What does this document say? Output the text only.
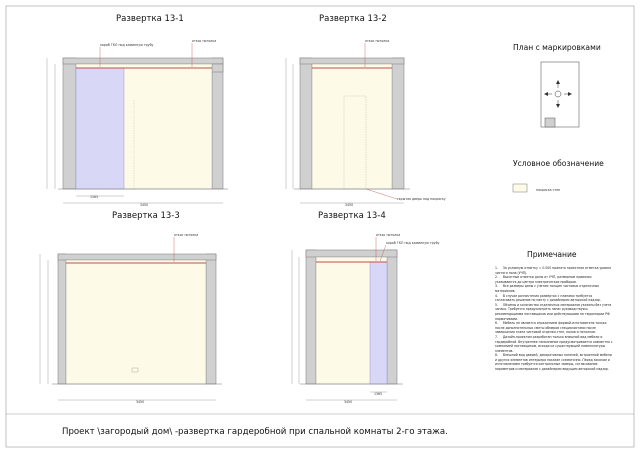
Развертка 13-1	Развертка 13-2
Развертка 13-3	Развертка 13-4
короб ГКЛ под каминную трубу
откос потолка	откос потолка
скрытая дверь под покраску
откос потолка	откос потолка
короб ГКЛ под каминную трубу
1365
3450	3450
3450
1365
3450
План с маркировками
Условное обозначение
покраска стен
Примечание
1.     За условную отметку = 0.000 принята проектная отметка уровня чистого пола (УЧП).
2.     Высотные отметки даны от УЧП, размерные привязки указываются до центра электрических приборов.
3.     Все размеры даны с учетом толщин чистовых отделочных материалов.
4.     В случае разночтения развёрток с планами требуется согласовать решение по месту с дизайнером авторской надзор.
5.     Объемы и количество отделочных материалов указаны без учета запаса. Требуется предусмотреть запас руководствуясь рекомендациями поставщиков или действующими на территории РФ нормативами.
6.     Мебель не является отражением формой-изготовителя только после дополнительных сметы обмеров специалистами после завершения этапа чистовой отделки стен, полов и потолков.
7.     Дизайн-проектом разработан только внешний вид мебели и гардеробной. Внутреннее наполнение предусматривается совместно с компанией поставщиком, исходя из существующей номенклатуры элементов.
8.     Внешний вид дверей, декоративных панелей, встроенной мебели и других элементов интерьера показан схематично. Перед заказом и изготовлением требуется контрольные замеры, согласование параметров и материалов с дизайнером ведущим авторский надзор.
Проект \загородый дом\ -развертка гардеробной при спальной комнаты 2-го этажа.
